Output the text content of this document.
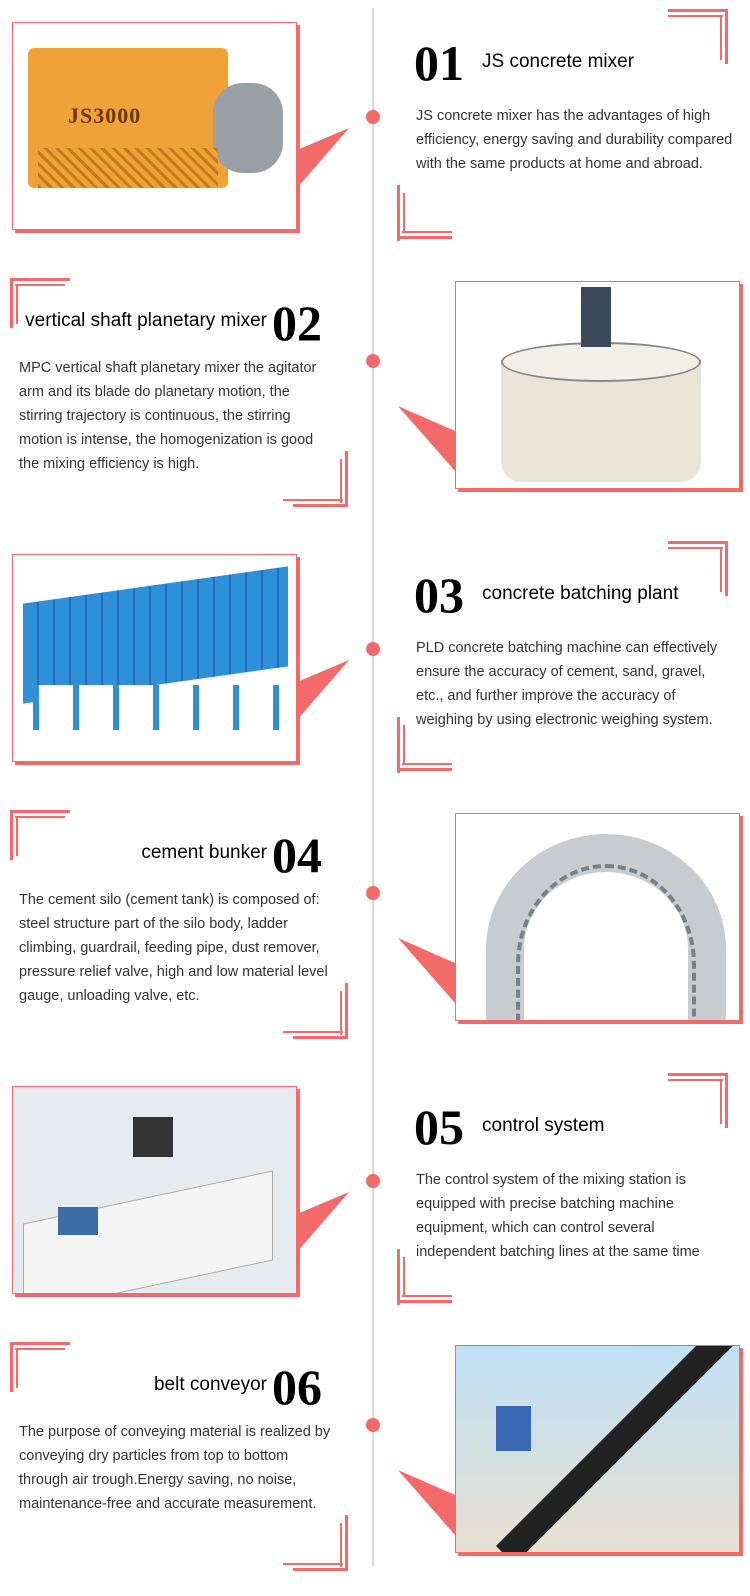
JS3000
01 JS concrete mixer
JS concrete mixer has the advantages of high efficiency, energy saving and durability compared with the same products at home and abroad.
02
vertical shaft planetary mixer
MPC vertical shaft planetary mixer the agitator arm and its blade do planetary motion, the stirring trajectory is continuous, the stirring motion is intense, the homogenization is good the mixing efficiency is high.
03 concrete batching plant
PLD concrete batching machine can effectively ensure the accuracy of cement, sand, gravel, etc., and further improve the accuracy of weighing by using electronic weighing system.
04
cement bunker
The cement silo (cement tank) is composed of: steel structure part of the silo body, ladder climbing, guardrail, feeding pipe, dust remover, pressure relief valve, high and low material level gauge, unloading valve, etc.
05 control system
The control system of the mixing station is equipped with precise batching machine equipment, which can control several independent batching lines at the same time
06
belt conveyor
The purpose of conveying material is realized by conveying dry particles from top to bottom through air trough.Energy saving, no noise, maintenance-free and accurate measurement.
